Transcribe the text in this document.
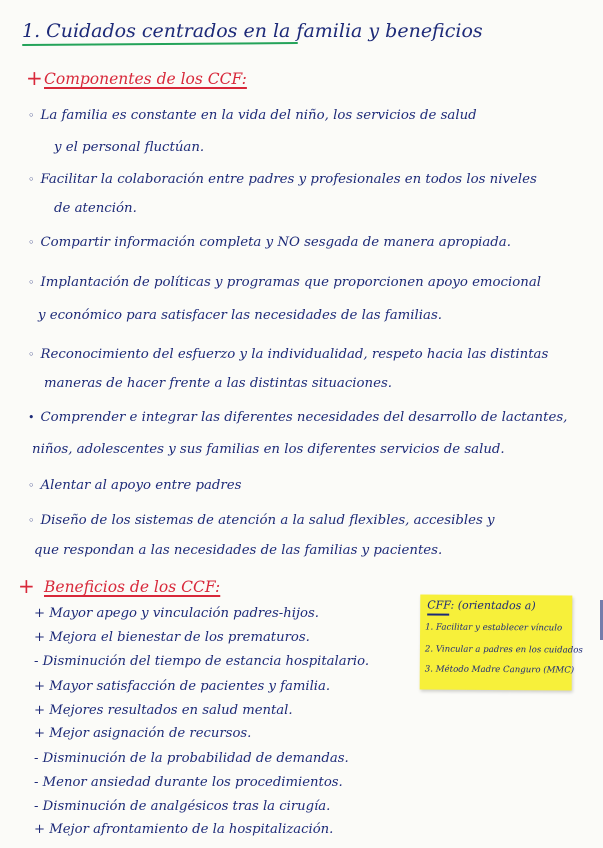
1. Cuidados centrados en la familia y beneficios
+ Componentes de los CCF:
◦ La familia es constante en la vida del niño, los servicios de salud
y el personal fluctúan.
◦ Facilitar la colaboración entre padres y profesionales en todos los niveles
de atención.
◦ Compartir información completa y NO sesgada de manera apropiada.
◦ Implantación de políticas y programas que proporcionen apoyo emocional
y económico para satisfacer las necesidades de las familias.
◦ Reconocimiento del esfuerzo y la individualidad, respeto hacia las distintas
maneras de hacer frente a las distintas situaciones.
• Comprender e integrar las diferentes necesidades del desarrollo de lactantes,
niños, adolescentes y sus familias en los diferentes servicios de salud.
◦ Alentar al apoyo entre padres
◦ Diseño de los sistemas de atención a la salud flexibles, accesibles y
que respondan a las necesidades de las familias y pacientes.
+ Beneficios de los CCF:
+ Mayor apego y vinculación padres-hijos.
+ Mejora el bienestar de los prematuros.
- Disminución del tiempo de estancia hospitalario.
+ Mayor satisfacción de pacientes y familia.
+ Mejores resultados en salud mental.
+ Mejor asignación de recursos.
- Disminución de la probabilidad de demandas.
- Menor ansiedad durante los procedimientos.
- Disminución de analgésicos tras la cirugía.
+ Mejor afrontamiento de la hospitalización.
CFF: (orientados a)
1. Facilitar y establecer vínculo
2. Vincular a padres en los cuidados
3. Método Madre Canguro (MMC)
